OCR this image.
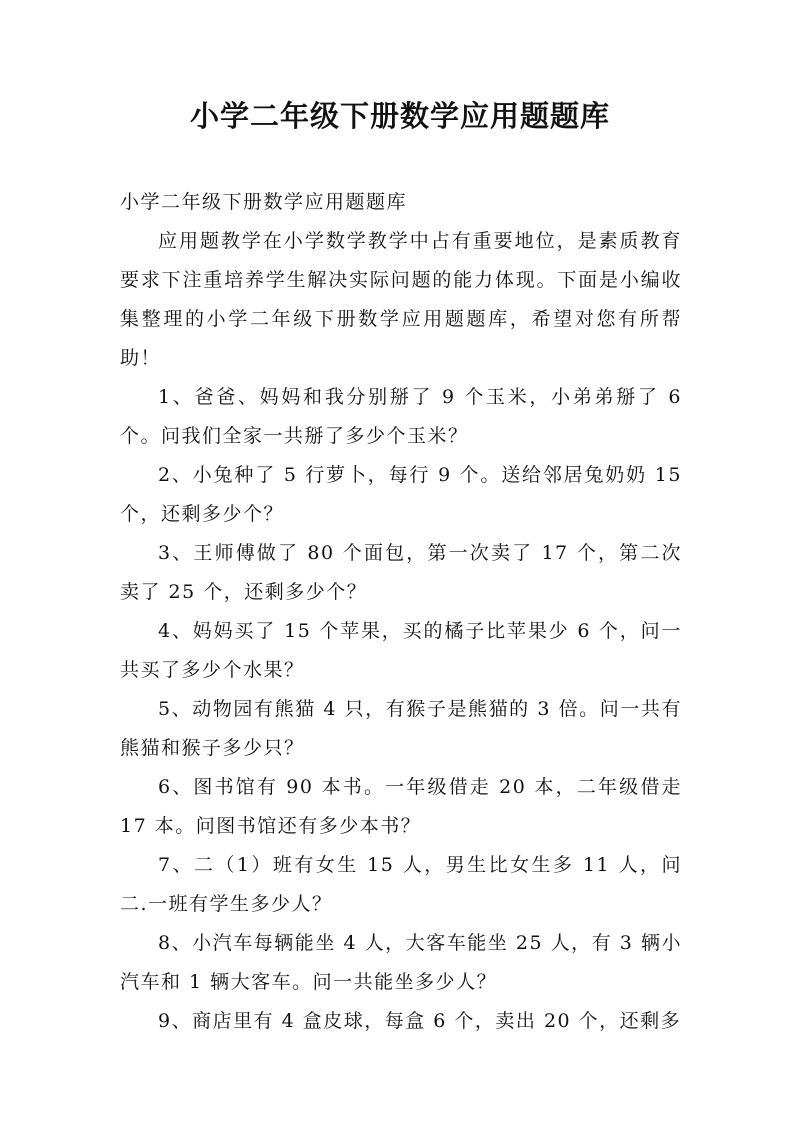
小学二年级下册数学应用题题库

小学二年级下册数学应用题题库

应用题教学在小学数学教学中占有重要地位，是素质教育要求下注重培养学生解决实际问题的能力体现。下面是小编收集整理的小学二年级下册数学应用题题库，希望对您有所帮助！

1、爸爸、妈妈和我分别掰了 9 个玉米，小弟弟掰了 6 个。问我们全家一共掰了多少个玉米？

2、小兔种了 5 行萝卜，每行 9 个。送给邻居兔奶奶 15 个，还剩多少个？

3、王师傅做了 80 个面包，第一次卖了 17 个，第二次卖了 25 个，还剩多少个？

4、妈妈买了 15 个苹果，买的橘子比苹果少 6 个，问一共买了多少个水果？

5、动物园有熊猫 4 只，有猴子是熊猫的 3 倍。问一共有熊猫和猴子多少只？

6、图书馆有 90 本书。一年级借走 20 本，二年级借走 17 本。问图书馆还有多少本书？

7、二（1）班有女生 15 人，男生比女生多 11 人，问二.一班有学生多少人？

8、小汽车每辆能坐 4 人，大客车能坐 25 人，有 3 辆小汽车和 1 辆大客车。问一共能坐多少人？

9、商店里有 4 盒皮球，每盒 6 个，卖出 20 个，还剩多
